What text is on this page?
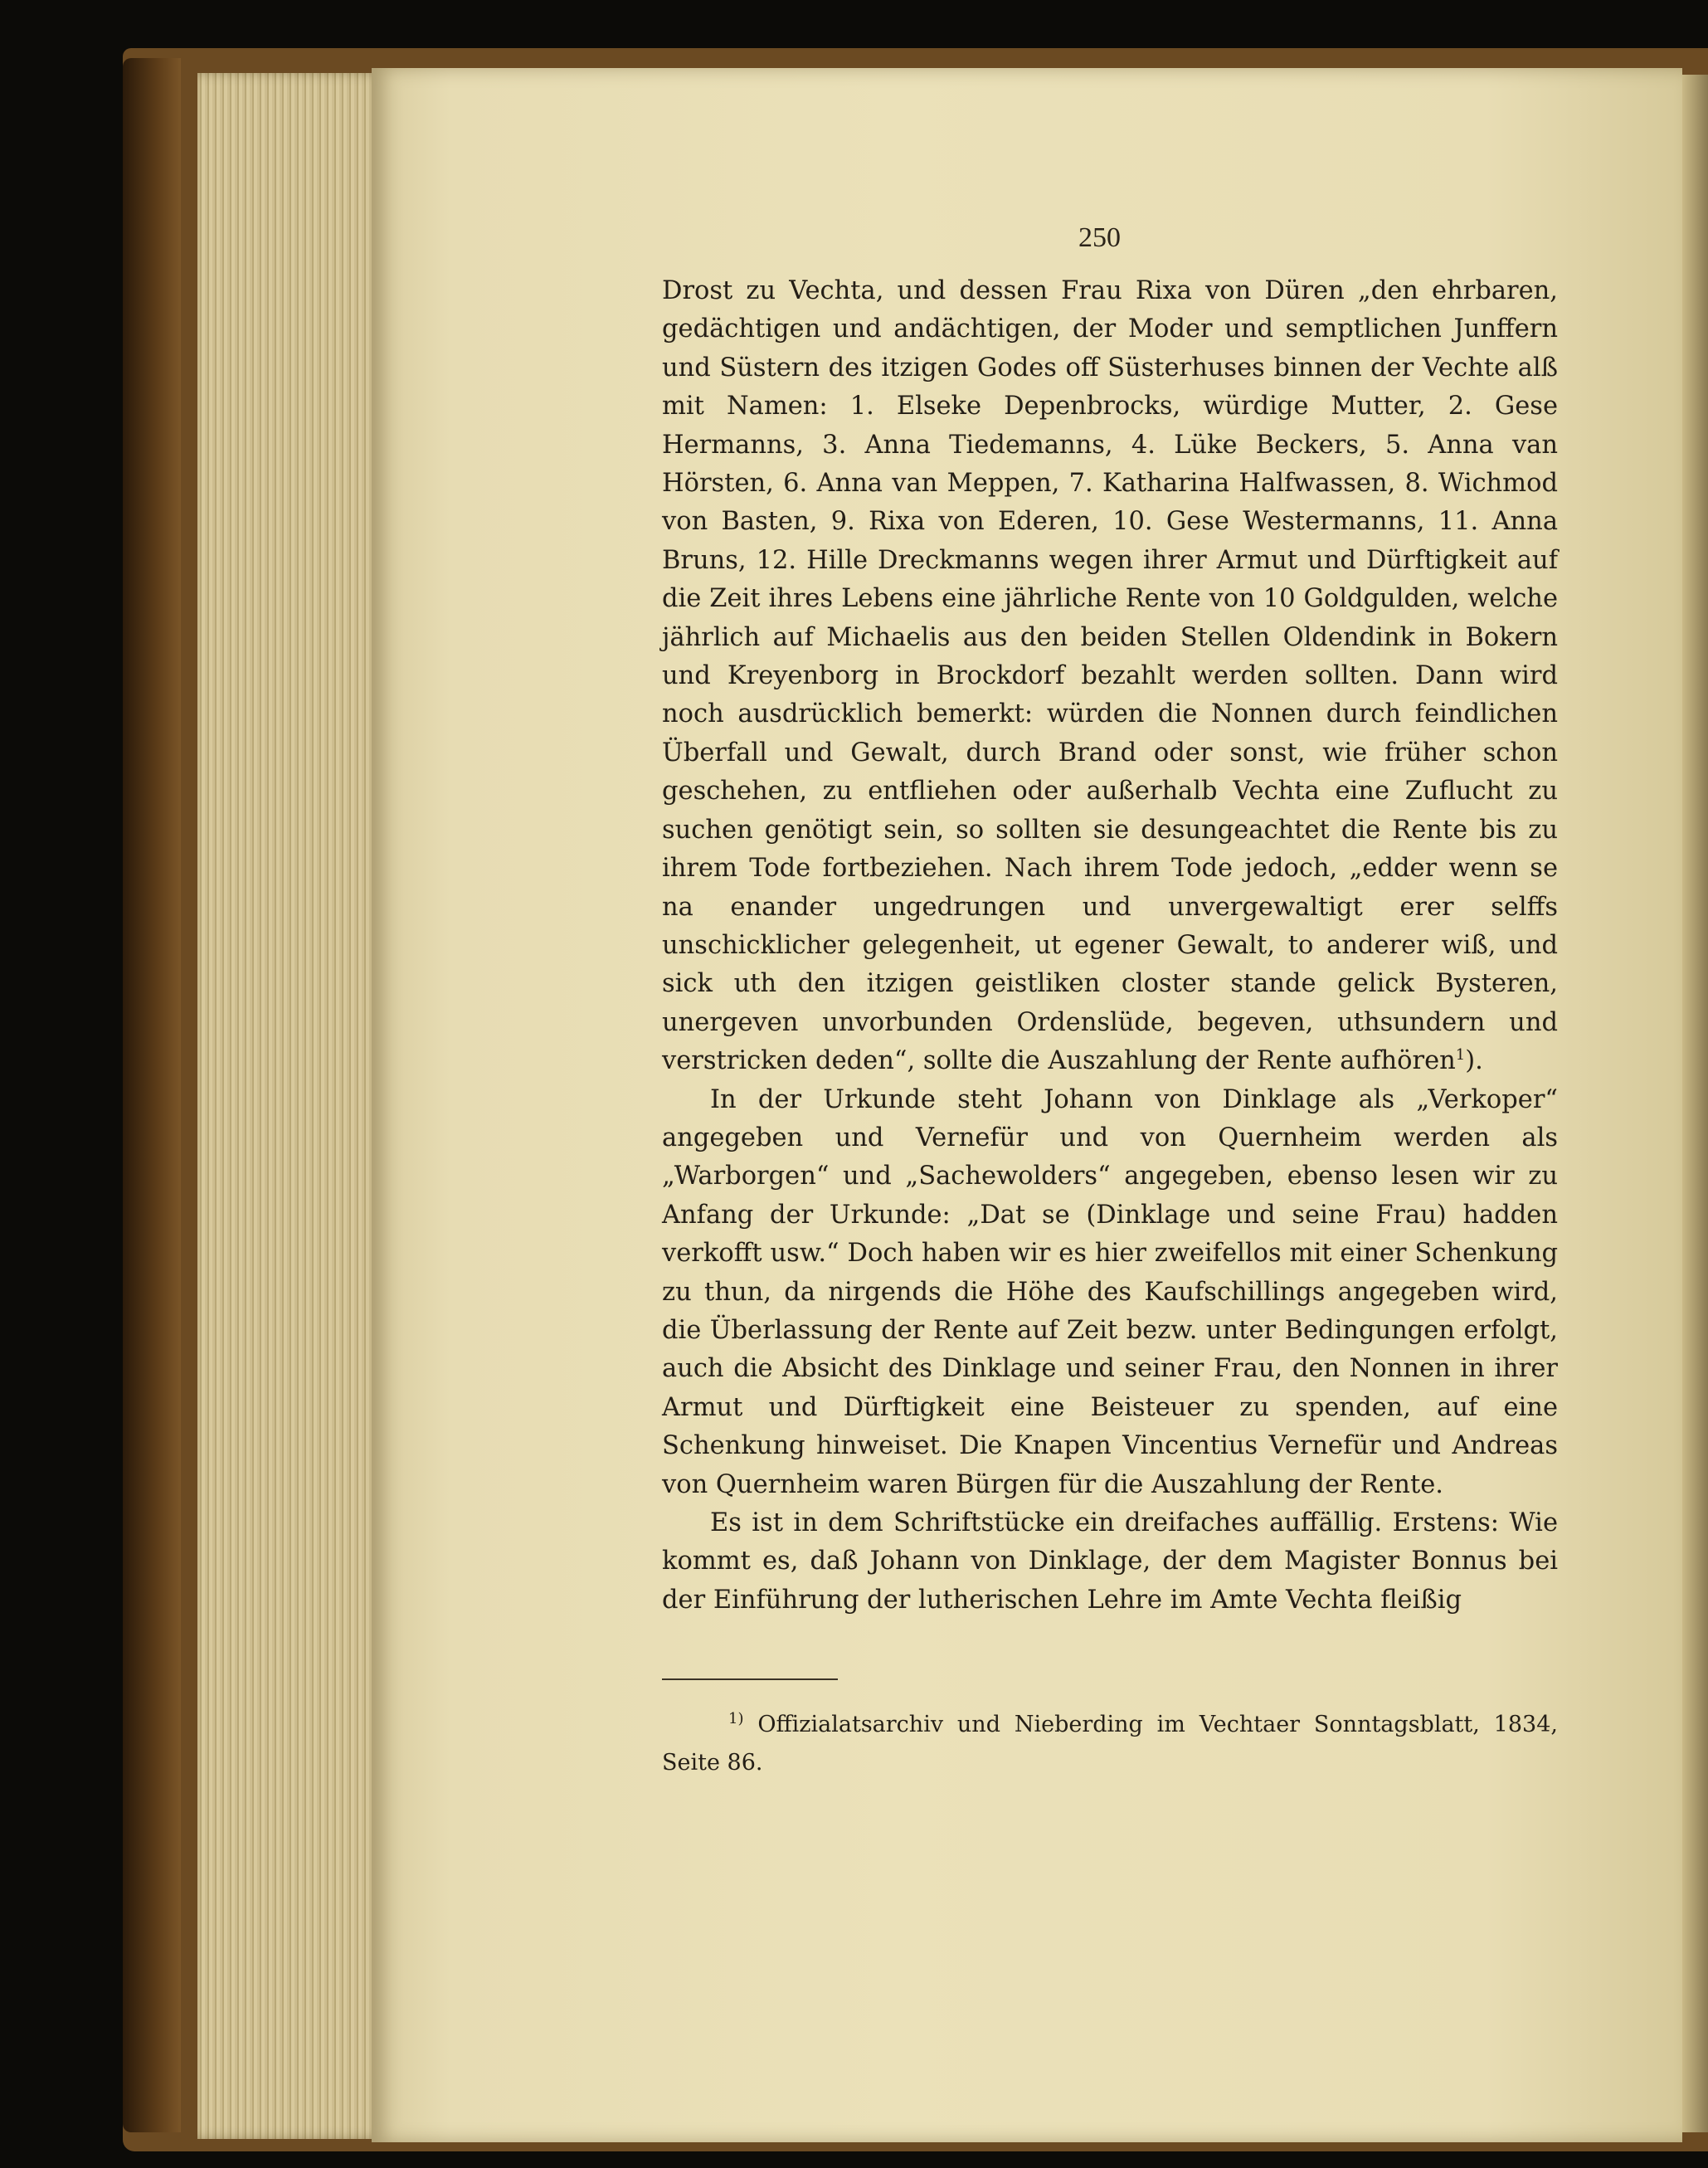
250

Drost zu Vechta, und dessen Frau Rixa von Düren „den ehrbaren, gedächtigen und andächtigen, der Moder und semptlichen Junffern und Süstern des itzigen Godes off Süsterhuses binnen der Vechte alß mit Namen: 1. Elseke Depenbrocks, würdige Mutter, 2. Gese Hermanns, 3. Anna Tiedemanns, 4. Lüke Beckers, 5. Anna van Hörsten, 6. Anna van Meppen, 7. Katharina Halfwassen, 8. Wichmod von Basten, 9. Rixa von Ederen, 10. Gese Westermanns, 11. Anna Bruns, 12. Hille Dreckmanns wegen ihrer Armut und Dürftigkeit auf die Zeit ihres Lebens eine jährliche Rente von 10 Goldgulden, welche jährlich auf Michaelis aus den beiden Stellen Oldendink in Bokern und Kreyenborg in Brockdorf bezahlt werden sollten. Dann wird noch ausdrücklich bemerkt: würden die Nonnen durch feindlichen Überfall und Gewalt, durch Brand oder sonst, wie früher schon geschehen, zu entfliehen oder außerhalb Vechta eine Zuflucht zu suchen genötigt sein, so sollten sie desungeachtet die Rente bis zu ihrem Tode fortbeziehen. Nach ihrem Tode jedoch, „edder wenn se na enander ungedrungen und unvergewaltigt erer selffs unschicklicher gelegenheit, ut egener Gewalt, to anderer wiß, und sick uth den itzigen geistliken closter stande gelick Bysteren, unergeven unvorbunden Ordenslüde, begeven, uthsundern und verstricken deden“, sollte die Auszahlung der Rente aufhören$^1$).

In der Urkunde steht Johann von Dinklage als „Verkoper“ angegeben und Vernefür und von Quernheim werden als „Warborgen“ und „Sachewolders“ angegeben, ebenso lesen wir zu Anfang der Urkunde: „Dat se (Dinklage und seine Frau) hadden verkofft usw.“ Doch haben wir es hier zweifellos mit einer Schenkung zu thun, da nirgends die Höhe des Kaufschillings angegeben wird, die Überlassung der Rente auf Zeit bezw. unter Bedingungen erfolgt, auch die Absicht des Dinklage und seiner Frau, den Nonnen in ihrer Armut und Dürftigkeit eine Beisteuer zu spenden, auf eine Schenkung hinweiset. Die Knapen Vincentius Vernefür und Andreas von Quernheim waren Bürgen für die Auszahlung der Rente.

Es ist in dem Schriftstücke ein dreifaches auffällig. Erstens: Wie kommt es, daß Johann von Dinklage, der dem Magister Bonnus bei der Einführung der lutherischen Lehre im Amte Vechta fleißig

$^{1)}$ Offizialatsarchiv und Nieberding im Vechtaer Sonntagsblatt, 1834, Seite 86.
